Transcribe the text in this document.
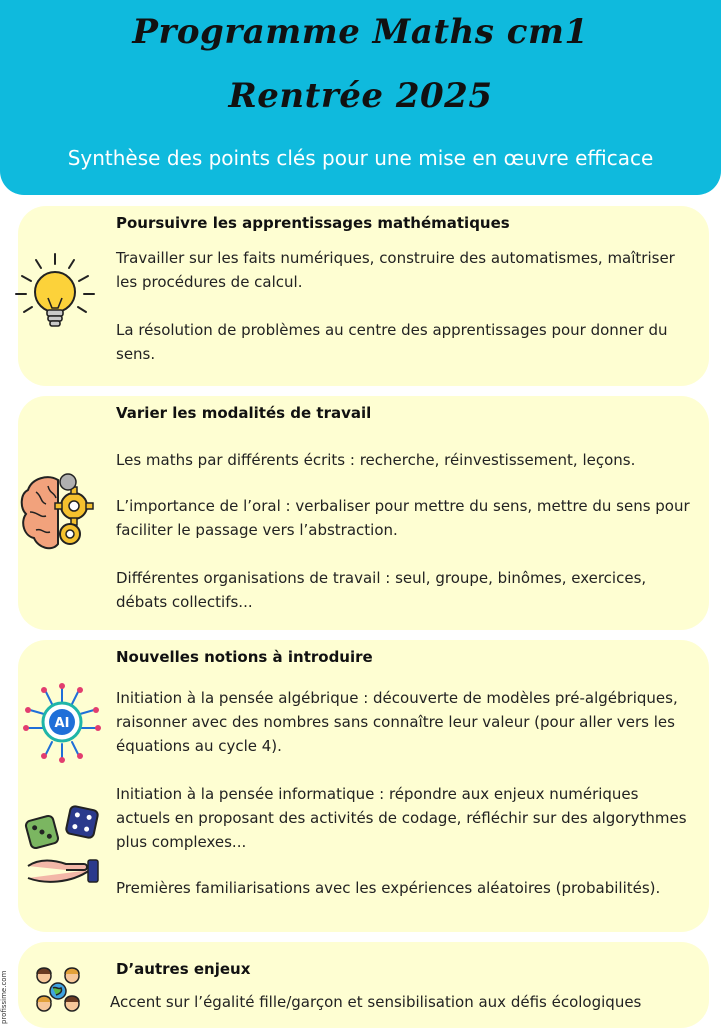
Programme Maths cm1
Rentrée 2025
Synthèse des points clés pour une mise en œuvre efficace
Poursuivre les apprentissages mathématiques
Travailler sur les faits numériques, construire des automatismes, maîtriser les procédures de calcul.
La résolution de problèmes au centre des apprentissages pour donner du sens.
Varier les modalités de travail
Les maths par différents écrits : recherche, réinvestissement, leçons.
L’importance de l’oral : verbaliser pour mettre du sens, mettre du sens pour faciliter le passage vers l’abstraction.
Différentes organisations de travail : seul, groupe, binômes, exercices, débats collectifs...
AI
Nouvelles notions à introduire
Initiation à la pensée algébrique : découverte de modèles pré-algébriques, raisonner avec des nombres sans connaître leur valeur (pour aller vers les équations au cycle 4).
Initiation à la pensée informatique : répondre aux enjeux numériques actuels en proposant des activités de codage, réfléchir sur des algorythmes plus complexes...
Premières familiarisations avec les expériences aléatoires (probabilités).
D’autres enjeux
Accent sur l’égalité fille/garçon et sensibilisation aux défis écologiques
profissime.com
